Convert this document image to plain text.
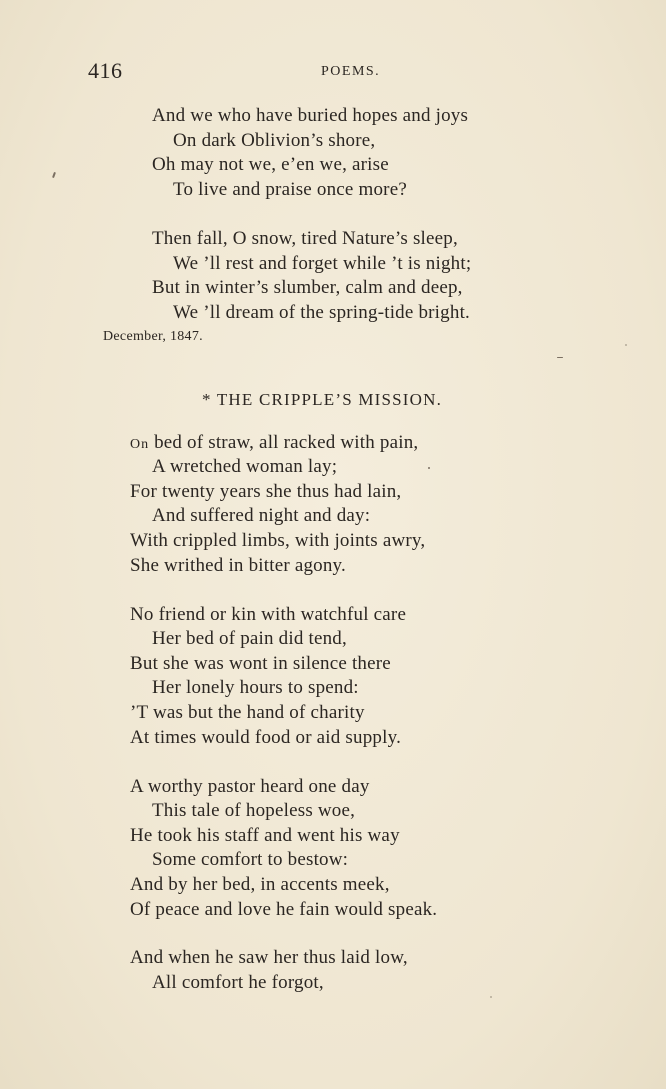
416	POEMS.
And we who have buried hopes and joys
On dark Oblivion’s shore,
Oh may not we, e’en we, arise
To live and praise once more?
Then fall, O snow, tired Nature’s sleep,
We ’ll rest and forget while ’t is night;
But in winter’s slumber, calm and deep,
We ’ll dream of the spring-tide bright.
December, 1847.
* THE CRIPPLE’S MISSION.
On bed of straw, all racked with pain,
A wretched woman lay;
For twenty years she thus had lain,
And suffered night and day:
With crippled limbs, with joints awry,
She writhed in bitter agony.
No friend or kin with watchful care
Her bed of pain did tend,
But she was wont in silence there
Her lonely hours to spend:
’T was but the hand of charity
At times would food or aid supply.
A worthy pastor heard one day
This tale of hopeless woe,
He took his staff and went his way
Some comfort to bestow:
And by her bed, in accents meek,
Of peace and love he fain would speak.
And when he saw her thus laid low,
All comfort he forgot,
